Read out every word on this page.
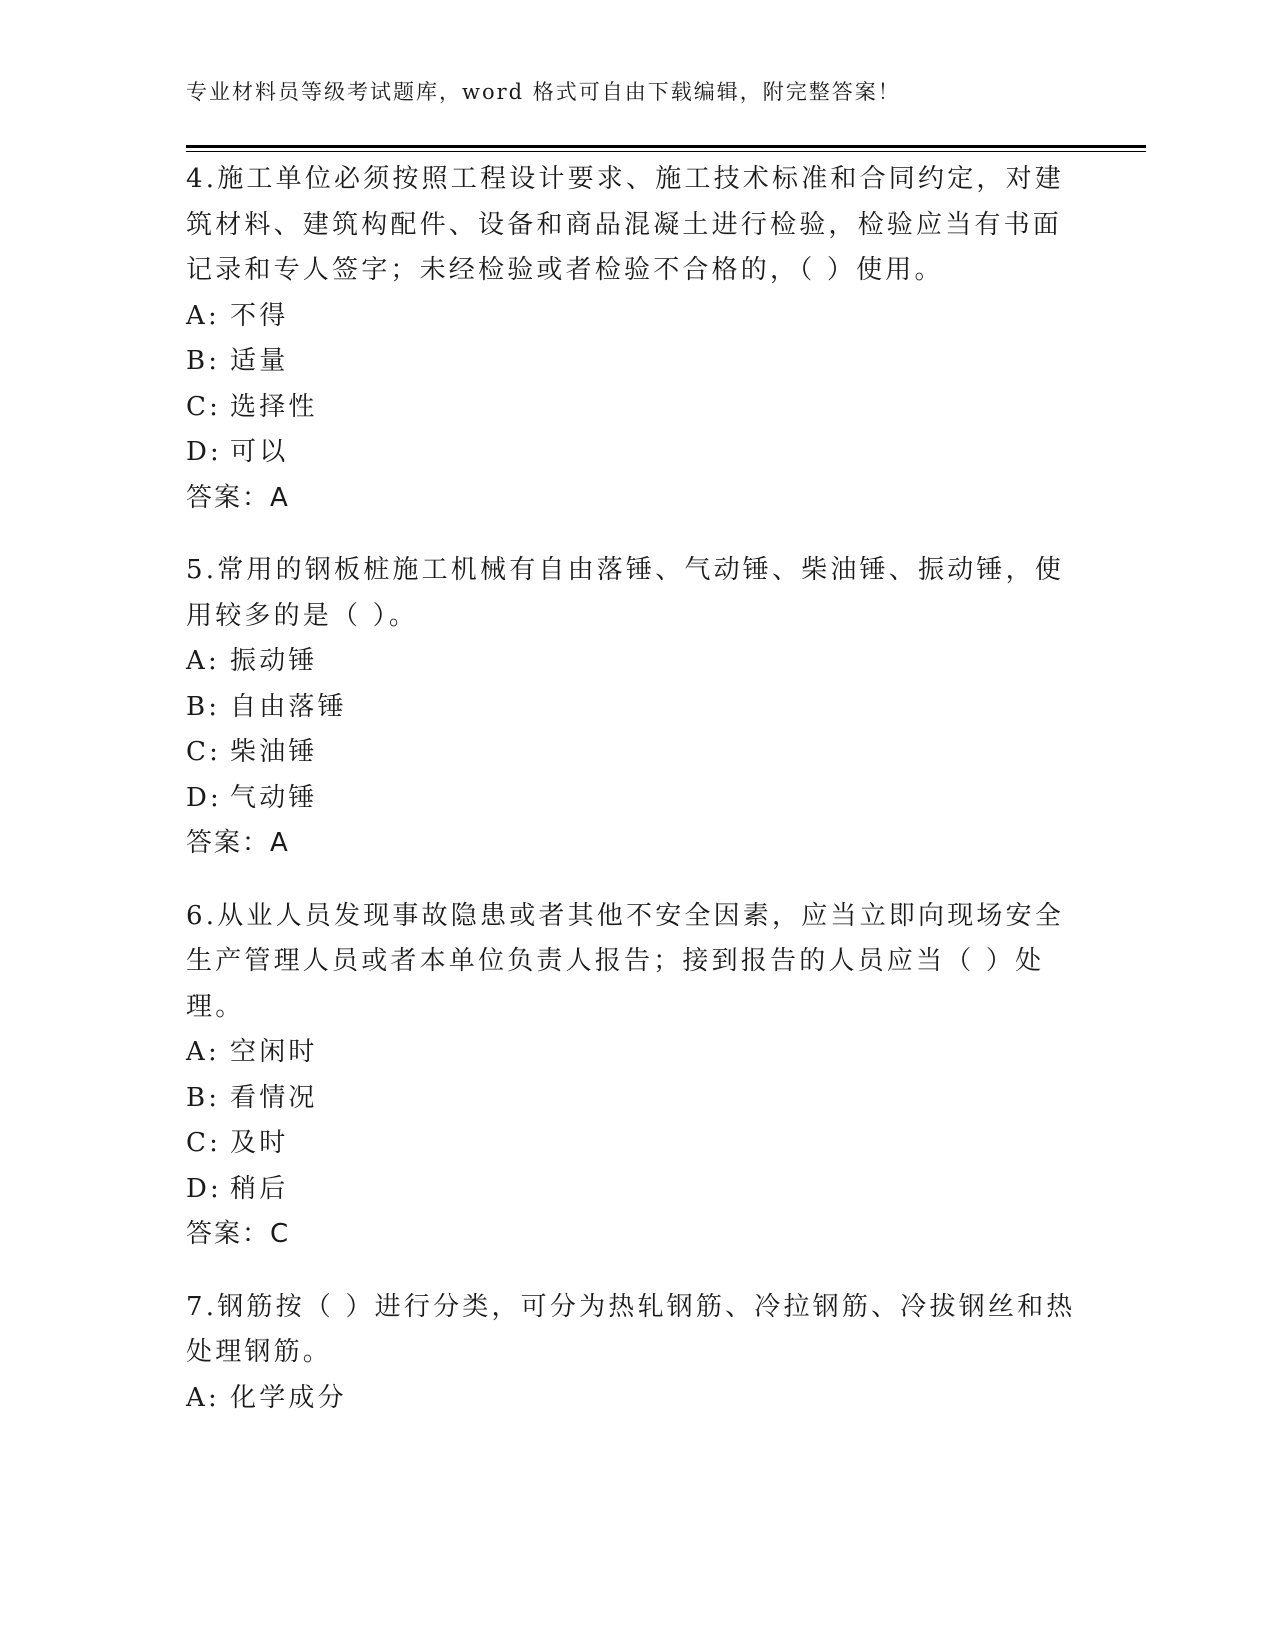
专业材料员等级考试题库，word 格式可自由下载编辑，附完整答案！

4.施工单位必须按照工程设计要求、施工技术标准和合同约定，对建筑材料、建筑构配件、设备和商品混凝土进行检验，检验应当有书面记录和专人签字；未经检验或者检验不合格的，（ ）使用。

A: 不得
B: 适量
C: 选择性
D: 可以
答案：A

5.常用的钢板桩施工机械有自由落锤、气动锤、柴油锤、振动锤，使用较多的是（ ）。

A: 振动锤
B: 自由落锤
C: 柴油锤
D: 气动锤
答案：A

6.从业人员发现事故隐患或者其他不安全因素，应当立即向现场安全生产管理人员或者本单位负责人报告；接到报告的人员应当（ ）处理。

A: 空闲时
B: 看情况
C: 及时
D: 稍后
答案：C

7.钢筋按（ ）进行分类，可分为热轧钢筋、冷拉钢筋、冷拔钢丝和热处理钢筋。

A: 化学成分
